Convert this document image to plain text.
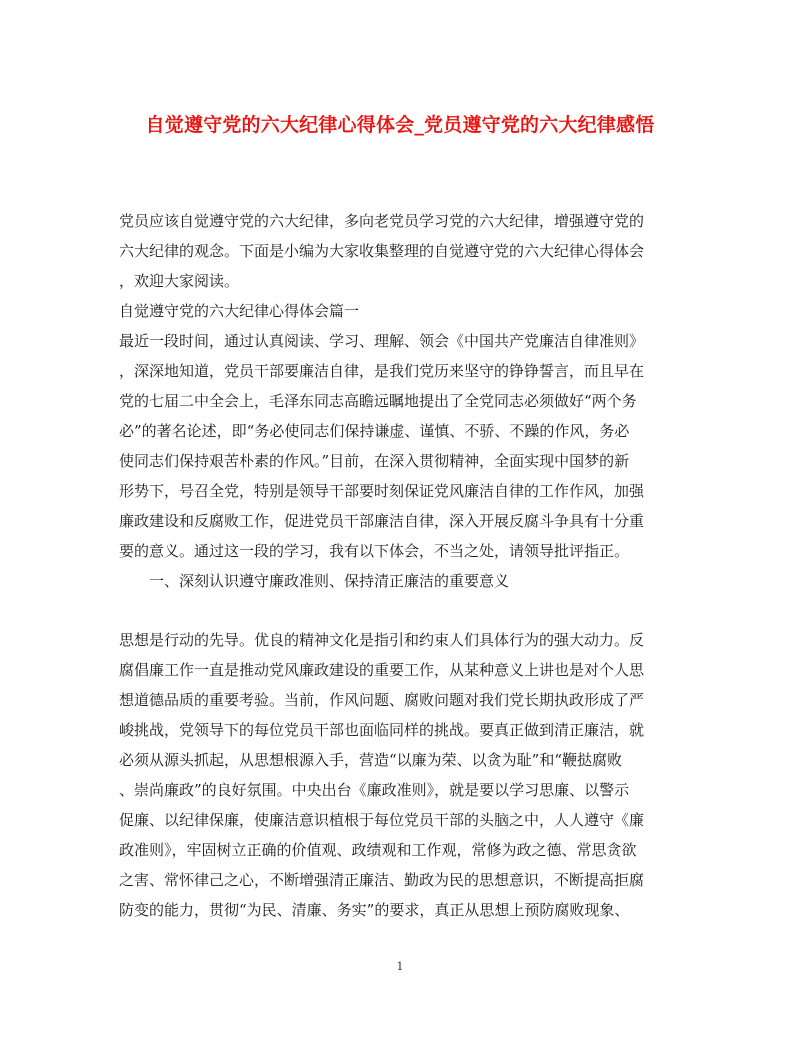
自觉遵守党的六大纪律心得体会_党员遵守党的六大纪律感悟
党员应该自觉遵守党的六大纪律，多向老党员学习党的六大纪律，增强遵守党的
六大纪律的观念。下面是小编为大家收集整理的自觉遵守党的六大纪律心得体会
，欢迎大家阅读。
自觉遵守党的六大纪律心得体会篇一
最近一段时间，通过认真阅读、学习、理解、领会《中国共产党廉洁自律准则》
，深深地知道，党员干部要廉洁自律，是我们党历来坚守的铮铮誓言，而且早在
党的七届二中全会上，毛泽东同志高瞻远瞩地提出了全党同志必须做好“两个务
必”的著名论述，即“务必使同志们保持谦虚、谨慎、不骄、不躁的作风，务必
使同志们保持艰苦朴素的作风。”目前，在深入贯彻精神，全面实现中国梦的新
形势下，号召全党，特别是领导干部要时刻保证党风廉洁自律的工作作风，加强
廉政建设和反腐败工作，促进党员干部廉洁自律，深入开展反腐斗争具有十分重
要的意义。通过这一段的学习，我有以下体会，不当之处，请领导批评指正。
一、深刻认识遵守廉政准则、保持清正廉洁的重要意义
思想是行动的先导。优良的精神文化是指引和约束人们具体行为的强大动力。反
腐倡廉工作一直是推动党风廉政建设的重要工作，从某种意义上讲也是对个人思
想道德品质的重要考验。当前，作风问题、腐败问题对我们党长期执政形成了严
峻挑战，党领导下的每位党员干部也面临同样的挑战。要真正做到清正廉洁，就
必须从源头抓起，从思想根源入手，营造“以廉为荣、以贪为耻”和“鞭挞腐败
、崇尚廉政”的良好氛围。中央出台《廉政准则》，就是要以学习思廉、以警示
促廉、以纪律保廉，使廉洁意识植根于每位党员干部的头脑之中，人人遵守《廉
政准则》，牢固树立正确的价值观、政绩观和工作观，常修为政之德、常思贪欲
之害、常怀律己之心，不断增强清正廉洁、勤政为民的思想意识，不断提高拒腐
防变的能力，贯彻“为民、清廉、务实”的要求，真正从思想上预防腐败现象、
1
